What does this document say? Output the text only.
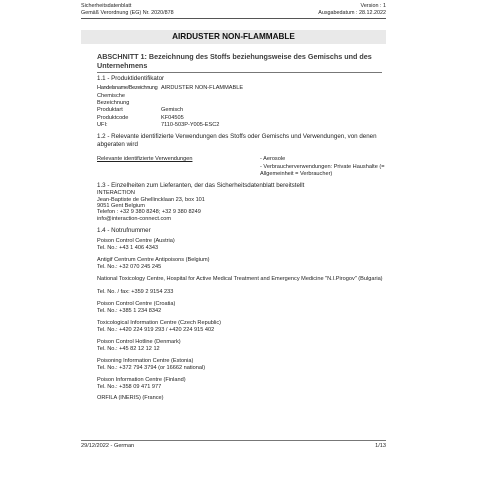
Sicherheitsdatenblatt
Gemäß Verordnung (EG) Nr. 2020/878
Version : 1
Ausgabedatum : 28.12.2022
AIRDUSTER NON-FLAMMABLE
ABSCHNITT 1: Bezeichnung des Stoffs beziehungsweise des Gemischs und des Unternehmens
1.1 - Produktidentifikator
Handelsname/Bezeichnung AIRDUSTER NON-FLAMMABLE
Chemische Bezeichnung
Produktart	Gemisch
Produktcode	KF04505
UFI:	7110-503P-Y005-ESC2
1.2 - Relevante identifizierte Verwendungen des Stoffs oder Gemischs und Verwendungen, von denen abgeraten wird
Relevante identifizierte Verwendungen	- Aerosole
- Verbraucherverwendungen: Private Haushalte (= Allgemeinheit = Verbraucher)
1.3 - Einzelheiten zum Lieferanten, der das Sicherheitsdatenblatt bereitstellt
INTERACTION
Jean-Baptiste de Ghellincklaan 23, box 101
9051 Gent Belgium
Telefon : +32 9 380 8248; +32 9 380 8249
info@interaction-connect.com
1.4 - Notrufnummer
Poison Control Centre (Austria)
Tel. No.: +43 1 406 4343
Antigif Centrum Centre Antipoisons (Belgium)
Tel. No.: +32 070 245 245
National Toxicology Centre, Hospital for Active Medical Treatment and Emergency Medicine "N.I.Pirogov" (Bulgaria)
Tel. No. / fax: +359 2 9154 233
Poison Control Centre (Croatia)
Tel. No.: +385 1 234 8342
Toxicological Information Centre (Czech Republic)
Tel. No.: +420 224 919 293 / +420 224 915 402
Poison Control Hotline (Denmark)
Tel. No.: +45 82 12 12 12
Poisoning Information Centre (Estonia)
Tel. No.: +372 794 3794 (or 16662 national)
Poison Information Centre (Finland)
Tel. No.: +358 09 471 977
ORFILA (INERIS) (France)
29/12/2022 - German	1/13
